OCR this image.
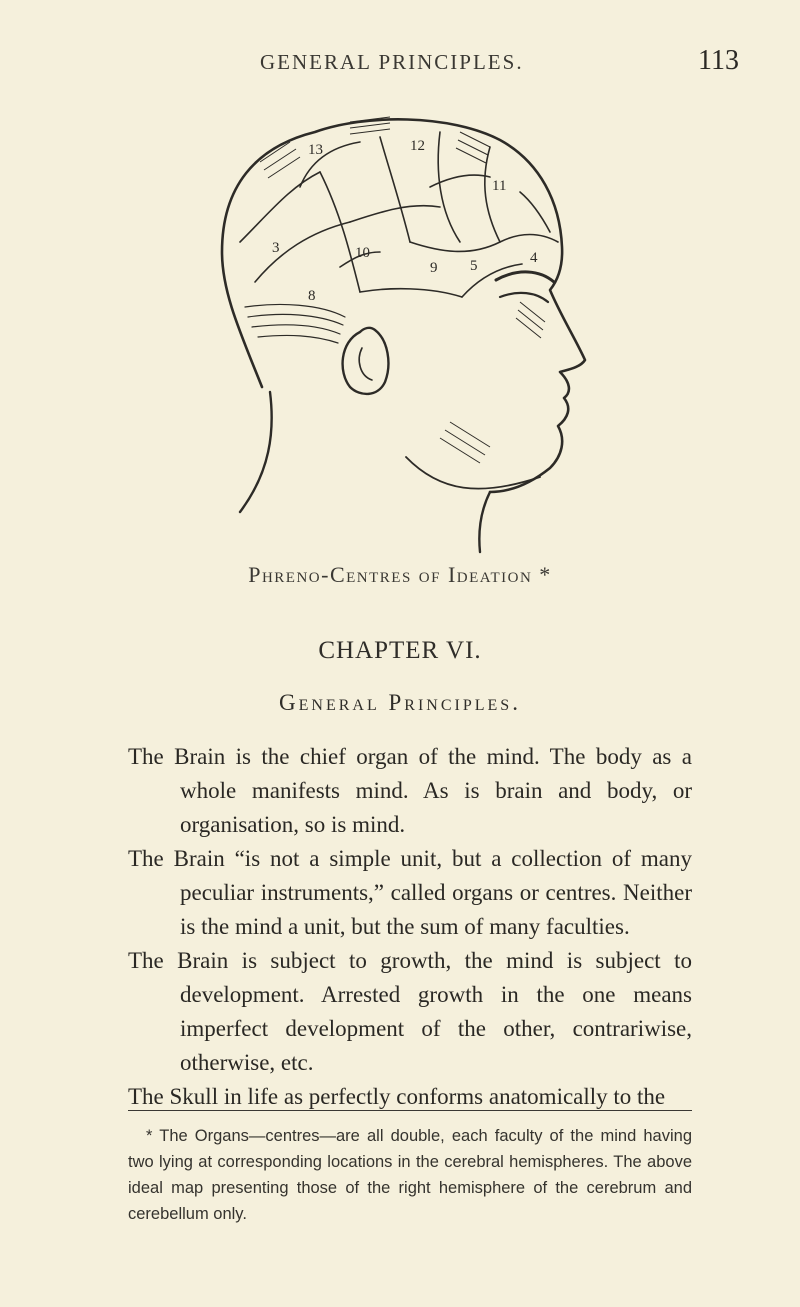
GENERAL PRINCIPLES.	113
13	12
11
10
9
8
3
4
5
Phreno-Centres of Ideation *
CHAPTER VI.
General Principles.

The Brain is the chief organ of the mind. The body as a whole manifests mind. As is brain and body, or organisation, so is mind.

The Brain “is not a simple unit, but a collection of many peculiar instruments,” called organs or centres. Neither is the mind a unit, but the sum of many faculties.

The Brain is subject to growth, the mind is subject to development. Arrested growth in the one means imperfect development of the other, contrariwise, otherwise, etc.

The Skull in life as perfectly conforms anatomically to the

* The Organs—centres—are all double, each faculty of the mind having two lying at corresponding locations in the cerebral hemispheres. The above ideal map presenting those of the right hemisphere of the cerebrum and cerebellum only.
